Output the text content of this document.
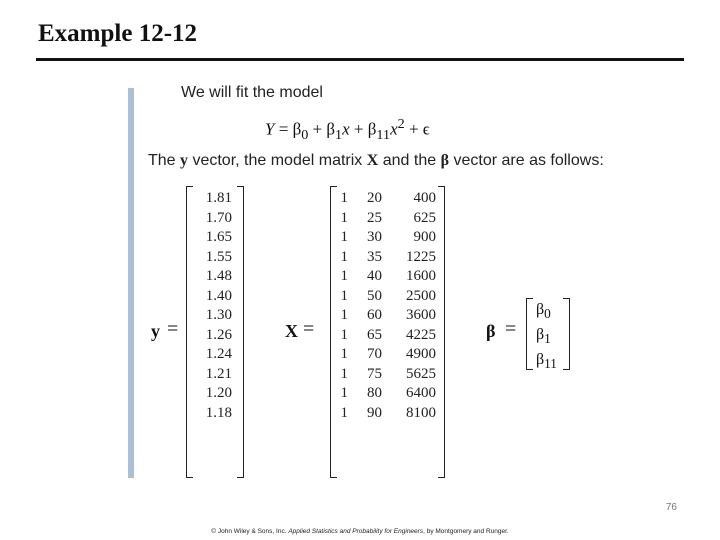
Example 12-12
We will fit the model
$Y = \beta_0 + \beta_1x + \beta_{11}x^2 + \epsilon$
The y vector, the model matrix X and the β vector are as follows:
y =
1.81
1.70
1.65
1.55
1.48
1.40
1.30
1.26
1.24
1.21
1.20
1.18
X =
1
1
1
1
1
1
1
1
1
1
1
1
20
25
30
35
40
50
60
65
70
75
80
90
400
625
900
1225
1600
2500
3600
4225
4900
5625
6400
8100
β =
$\beta_0$
$\beta_1$
$\beta_{11}$
76
© John Wiley & Sons, Inc. Applied Statistics and Probability for Engineers, by Montgomery and Runger.
